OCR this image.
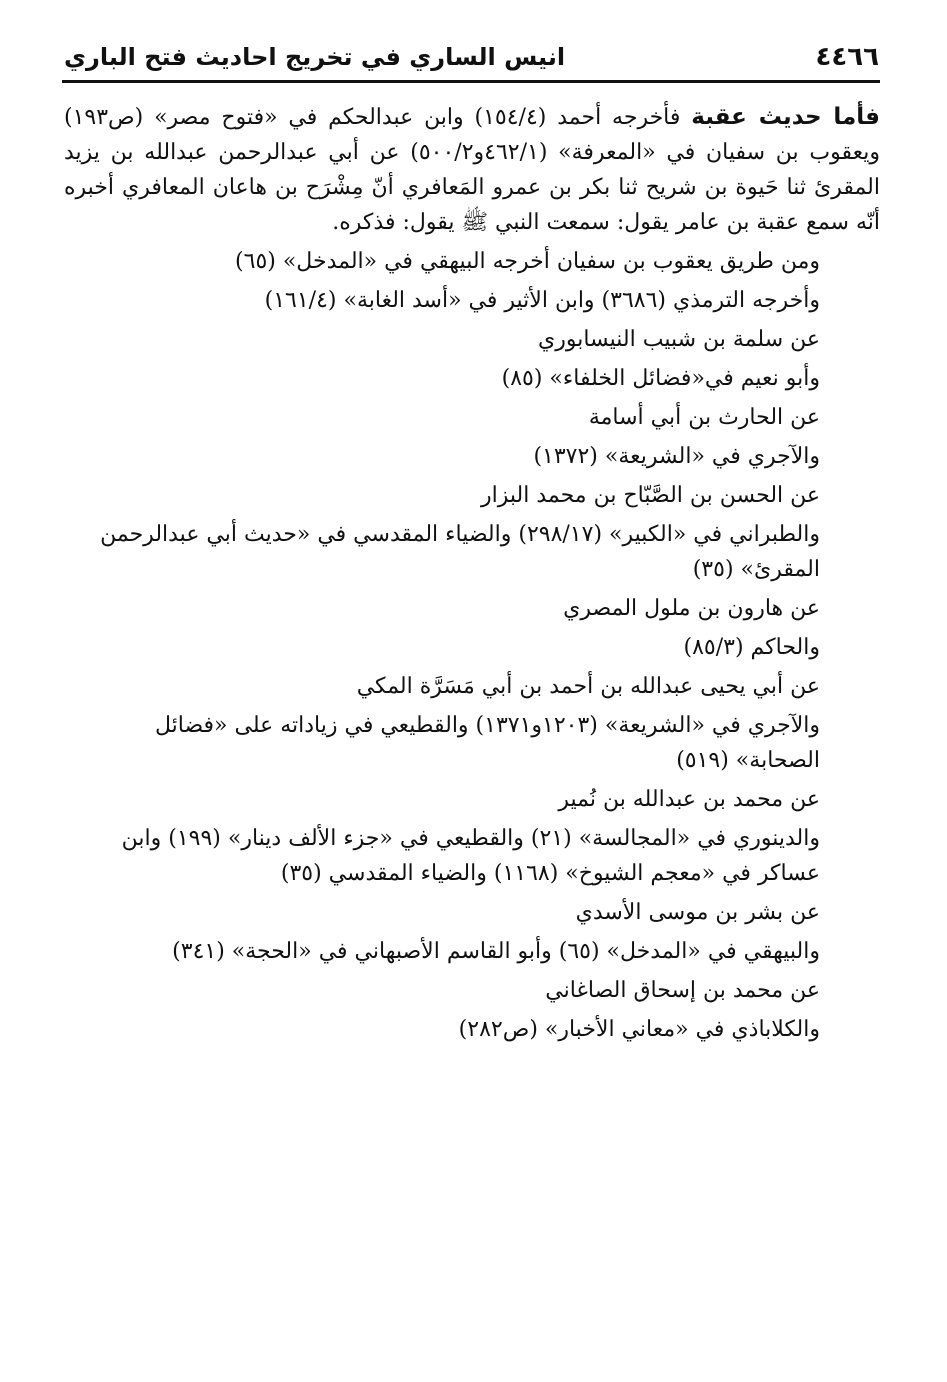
انيس الساري في تخريج احاديث فتح الباري	٤٤٦٦

فأما حديث عقبة فأخرجه أحمد (١٥٤/٤) وابن عبدالحكم في «فتوح مصر» (ص١٩٣) ويعقوب بن سفيان في «المعرفة» (٤٦٢/١و٥٠٠/٢) عن أبي عبدالرحمن عبدالله بن يزيد المقرئ ثنا حَيوة بن شريح ثنا بكر بن عمرو المَعافري أنّ مِشْرَح بن هاعان المعافري أخبره أنّه سمع عقبة بن عامر يقول: سمعت النبي ﷺ يقول: فذكره.

ومن طريق يعقوب بن سفيان أخرجه البيهقي في «المدخل» (٦٥)

وأخرجه الترمذي (٣٦٨٦) وابن الأثير في «أسد الغابة» (١٦١/٤)

عن سلمة بن شبيب النيسابوري

وأبو نعيم في«فضائل الخلفاء» (٨٥)

عن الحارث بن أبي أسامة

والآجري في «الشريعة» (١٣٧٢)

عن الحسن بن الصَّبّاح بن محمد البزار

والطبراني في «الكبير» (٢٩٨/١٧) والضياء المقدسي في «حديث أبي عبدالرحمن المقرئ» (٣٥)

عن هارون بن ملول المصري

والحاكم (٨٥/٣)

عن أبي يحيى عبدالله بن أحمد بن أبي مَسَرَّة المكي

والآجري في «الشريعة» (١٢٠٣و١٣٧١) والقطيعي في زياداته على «فضائل الصحابة» (٥١٩)

عن محمد بن عبدالله بن نُمير

والدينوري في «المجالسة» (٢١) والقطيعي في «جزء الألف دينار» (١٩٩) وابن عساكر في «معجم الشيوخ» (١١٦٨) والضياء المقدسي (٣٥)

عن بشر بن موسى الأسدي

والبيهقي في «المدخل» (٦٥) وأبو القاسم الأصبهاني في «الحجة» (٣٤١)

عن محمد بن إسحاق الصاغاني

والكلاباذي في «معاني الأخبار» (ص٢٨٢)
